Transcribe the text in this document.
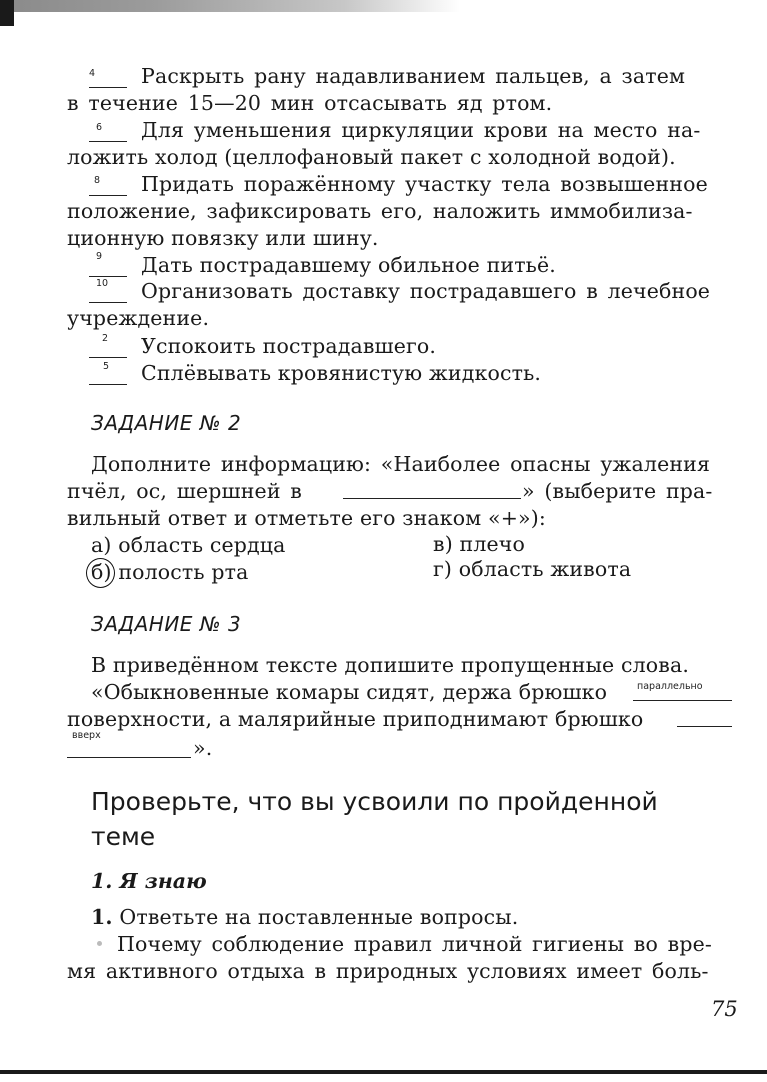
4 Раскрыть рану надавливанием пальцев, а затем
в течение 15—20 мин отсасывать яд ртом.
6 Для уменьшения циркуляции крови на место на-
ложить холод (целлофановый пакет с холодной водой).
8 Придать поражённому участку тела возвышенное
положение, зафиксировать его, наложить иммобилиза-
ционную повязку или шину.
9 Дать пострадавшему обильное питьё.
10 Организовать доставку пострадавшего в лечебное
учреждение.
2 Успокоить пострадавшего.
5 Сплёвывать кровянистую жидкость.
ЗАДАНИЕ № 2
Дополните информацию: «Наиболее опасны ужаления
пчёл, ос, шершней в	» (выберите пра-
вильный ответ и отметьте его знаком «+»):
а) область сердца
б) полость рта
в) плечо
г) область живота
ЗАДАНИЕ № 3
В приведённом тексте допишите пропущенные слова.
«Обыкновенные комары сидят, держа брюшко	параллельно
поверхности, а малярийные приподнимают брюшко
вверх
».
Проверьте, что вы усвоили по пройденной
теме
1. Я знаю
1. Ответьте на поставленные вопросы.
Почему соблюдение правил личной гигиены во вре-
мя активного отдыха в природных условиях имеет боль-
75
